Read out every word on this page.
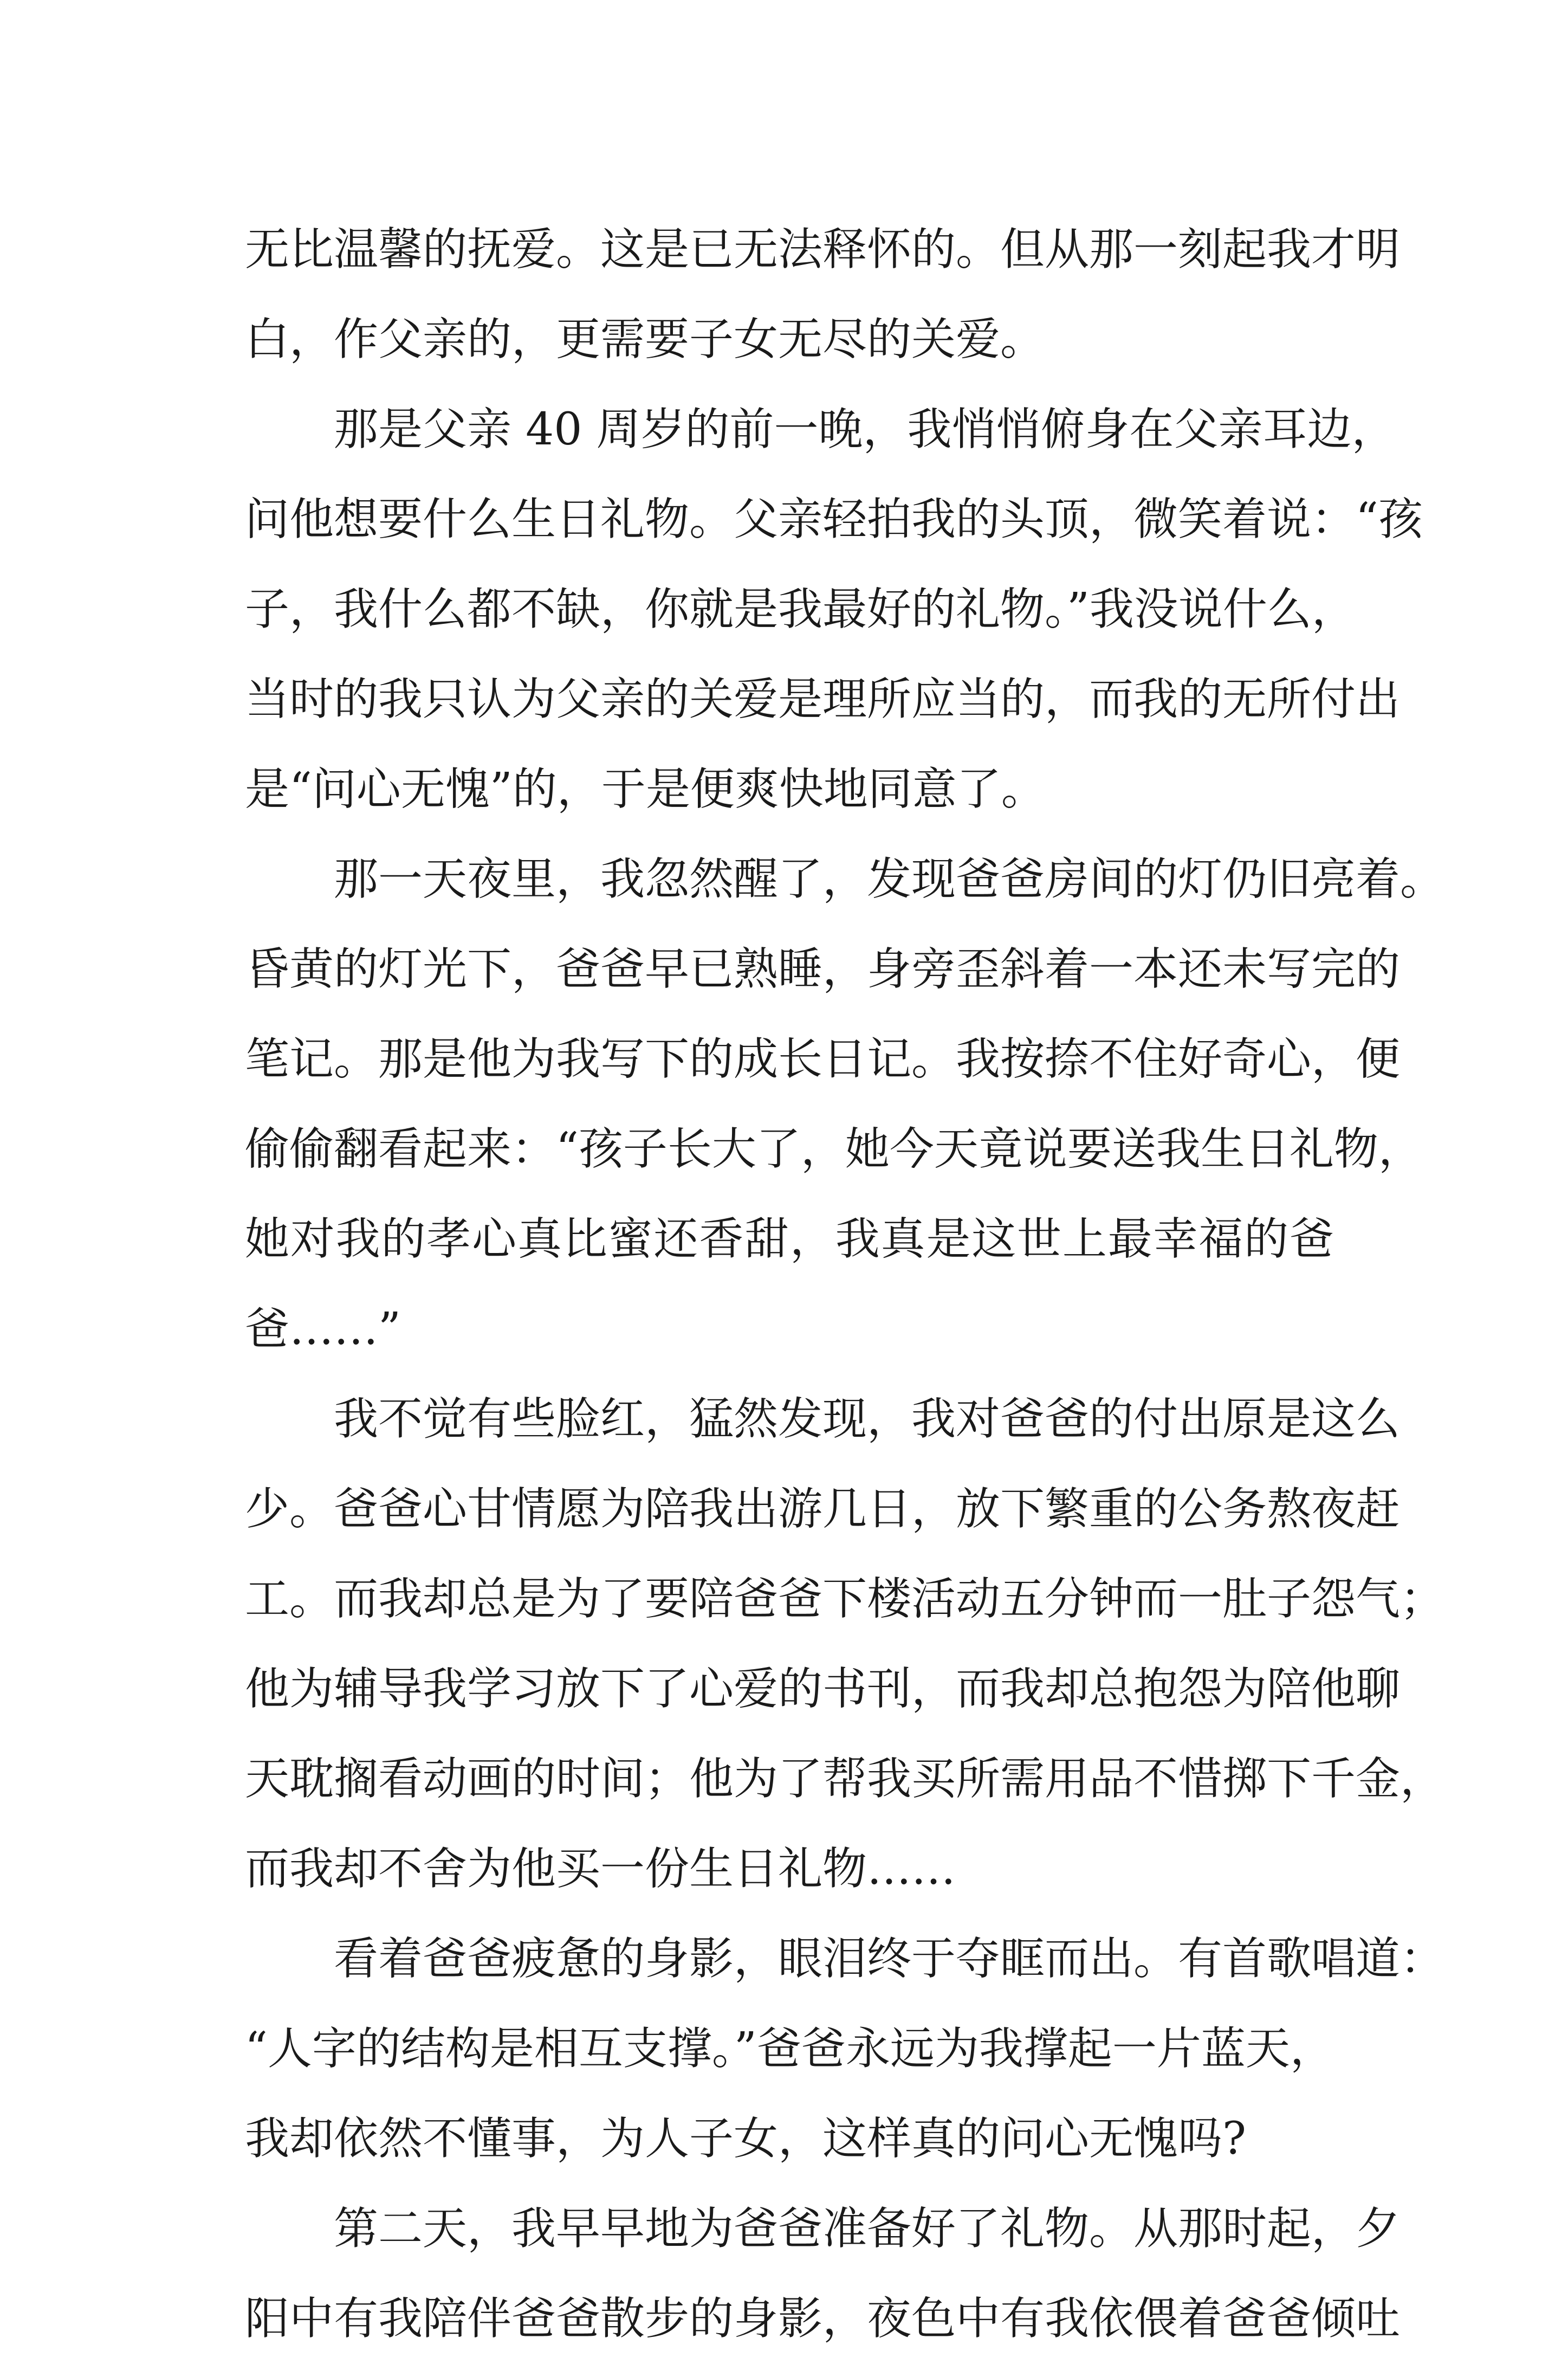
无比温馨的抚爱。这是已无法释怀的。但从那一刻起我才明
白，作父亲的，更需要子女无尽的关爱。
那是父亲 40 周岁的前一晚，我悄悄俯身在父亲耳边，
问他想要什么生日礼物。父亲轻拍我的头顶，微笑着说：“孩
子，我什么都不缺，你就是我最好的礼物。”我没说什么，
当时的我只认为父亲的关爱是理所应当的，而我的无所付出
是“问心无愧”的，于是便爽快地同意了。
那一天夜里，我忽然醒了，发现爸爸房间的灯仍旧亮着。
昏黄的灯光下，爸爸早已熟睡，身旁歪斜着一本还未写完的
笔记。那是他为我写下的成长日记。我按捺不住好奇心，便
偷偷翻看起来：“孩子长大了，她今天竟说要送我生日礼物，
她对我的孝心真比蜜还香甜，我真是这世上最幸福的爸
爸……”
我不觉有些脸红，猛然发现，我对爸爸的付出原是这么
少。爸爸心甘情愿为陪我出游几日，放下繁重的公务熬夜赶
工。而我却总是为了要陪爸爸下楼活动五分钟而一肚子怨气；
他为辅导我学习放下了心爱的书刊，而我却总抱怨为陪他聊
天耽搁看动画的时间；他为了帮我买所需用品不惜掷下千金，
而我却不舍为他买一份生日礼物……
看着爸爸疲惫的身影，眼泪终于夺眶而出。有首歌唱道：
“人字的结构是相互支撑。”爸爸永远为我撑起一片蓝天，
我却依然不懂事，为人子女，这样真的问心无愧吗?
第二天，我早早地为爸爸准备好了礼物。从那时起，夕
阳中有我陪伴爸爸散步的身影，夜色中有我依偎着爸爸倾吐
